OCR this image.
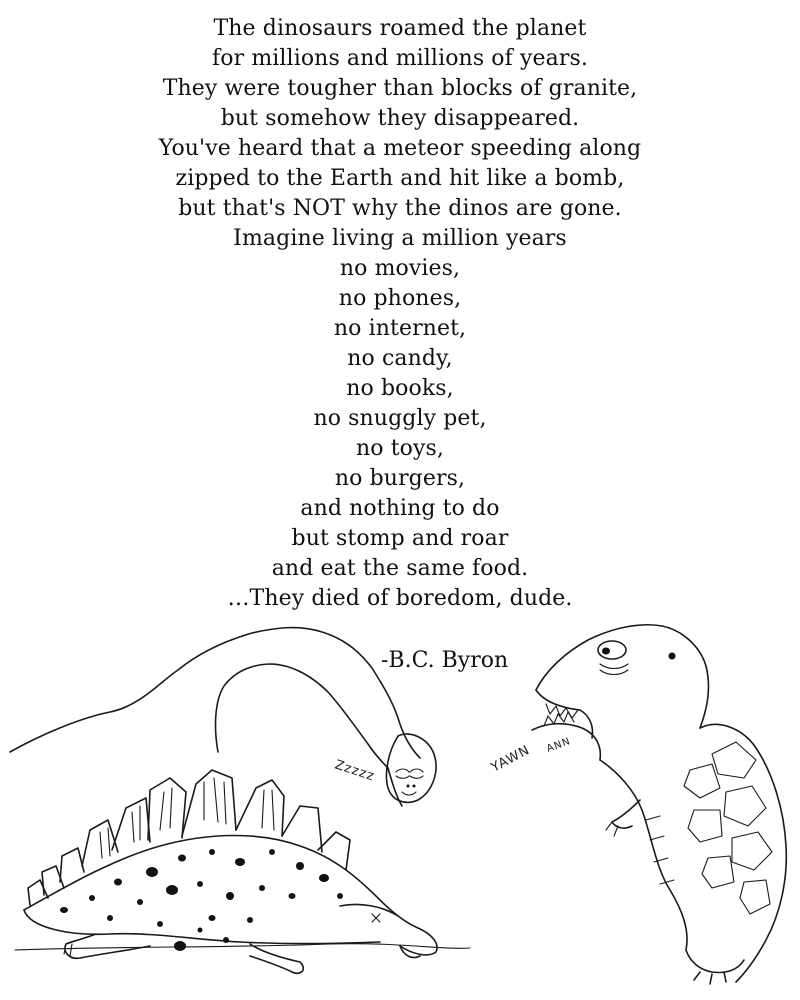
The dinosaurs roamed the planet
for millions and millions of years.
They were tougher than blocks of granite,
but somehow they disappeared.
You've heard that a meteor speeding along
zipped to the Earth and hit like a bomb,
but that's NOT why the dinos are gone.
Imagine living a million years
no movies,
no phones,
no internet,
no candy,
no books,
no snuggly pet,
no toys,
no burgers,
and nothing to do
but stomp and roar
and eat the same food.
…They died of boredom, dude.
-B.C. Byron
Zzzzz	YAWN ANN
